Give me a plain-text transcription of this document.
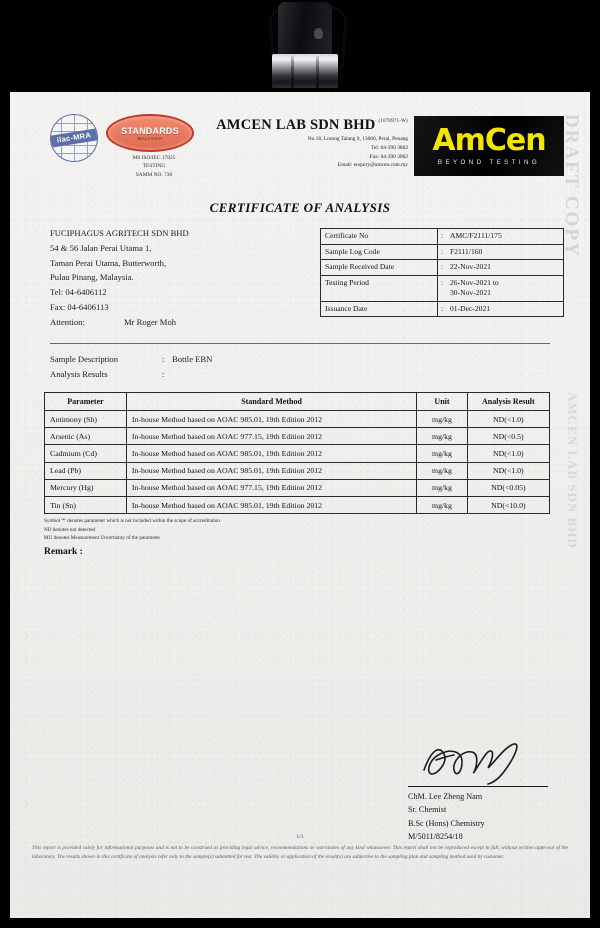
DRAFT COPY
AMCEN LAB SDN BHD
ilac-MRA	STANDARDS
MALAYSIA
MS ISO/IEC 17025
TESTING
SAMM NO. 730
AMCEN LAB SDN BHD $^{(1070971-W)}$
No.18, Lorong Talang 9, 13600, Perai, Penang
Tel: 04-390 3862
Fax: 04-390 3062
Email: enquiry@amcen.com.my
AmCen
BEYOND TESTING
CERTIFICATE OF ANALYSIS
FUCIPHAGUS AGRITECH SDN BHD
54 & 56 Jalan Perai Utama 1,
Taman Perai Utama, Butterworth,
Pulau Pinang, Malaysia.
Tel: 04-6406112
Fax: 04-6406113
Attention:	Mr Roger Moh
Certificate No	:	AMC/F2111/175
Sample Log Code	:	F2111/160
Sample Received Date	:	22-Nov-2021
Testing Period	:	26-Nov-2021 to
30-Nov-2021
Issuance Date	:	01-Dec-2021
Sample Description	: Bottle EBN
Analysis Results	:
Parameter	Standard Method	Unit	Analysis Result
Antimony (Sb)	In-house Method based on AOAC 985.01, 19th Edition 2012	mg/kg	ND(<1.0)
Arsenic (As)	In-house Method based on AOAC 977.15, 19th Edition 2012	mg/kg	ND(<0.5)
Cadmium (Cd)	In-house Method based on AOAC 985.01, 19th Edition 2012	mg/kg	ND(<1.0)
Lead (Pb)	In-house Method based on AOAC 985.01, 19th Edition 2012	mg/kg	ND(<1.0)
Mercury (Hg)	In-house Method based on AOAC 977.15, 19th Edition 2012	mg/kg	ND(<0.05)
Tin (Sn)	In-house Method based on AOAC 985.01, 19th Edition 2012	mg/kg	ND(<10.0)
Symbol '*' denotes parameter which is not included within the scope of accreditation
ND denotes not detected
MU denotes Measurement Uncertainty of the parameter
Remark :
ChM. Lee Zheng Nam
Sr. Chemist
B.Sc (Hons) Chemistry
M/5011/8254/18
1/1
This report is provided solely for informational purposes and is not to be construed as providing legal advice, recommendations or warranties of any kind whatsoever. This report shall not be reproduced except in full, without written approval of the laboratory. The results shown in this certificate of analysis refer only to the sample(s) submitted for test. The validity or application of the result(s) are subjective to the sampling plan and sampling method used by customer.
